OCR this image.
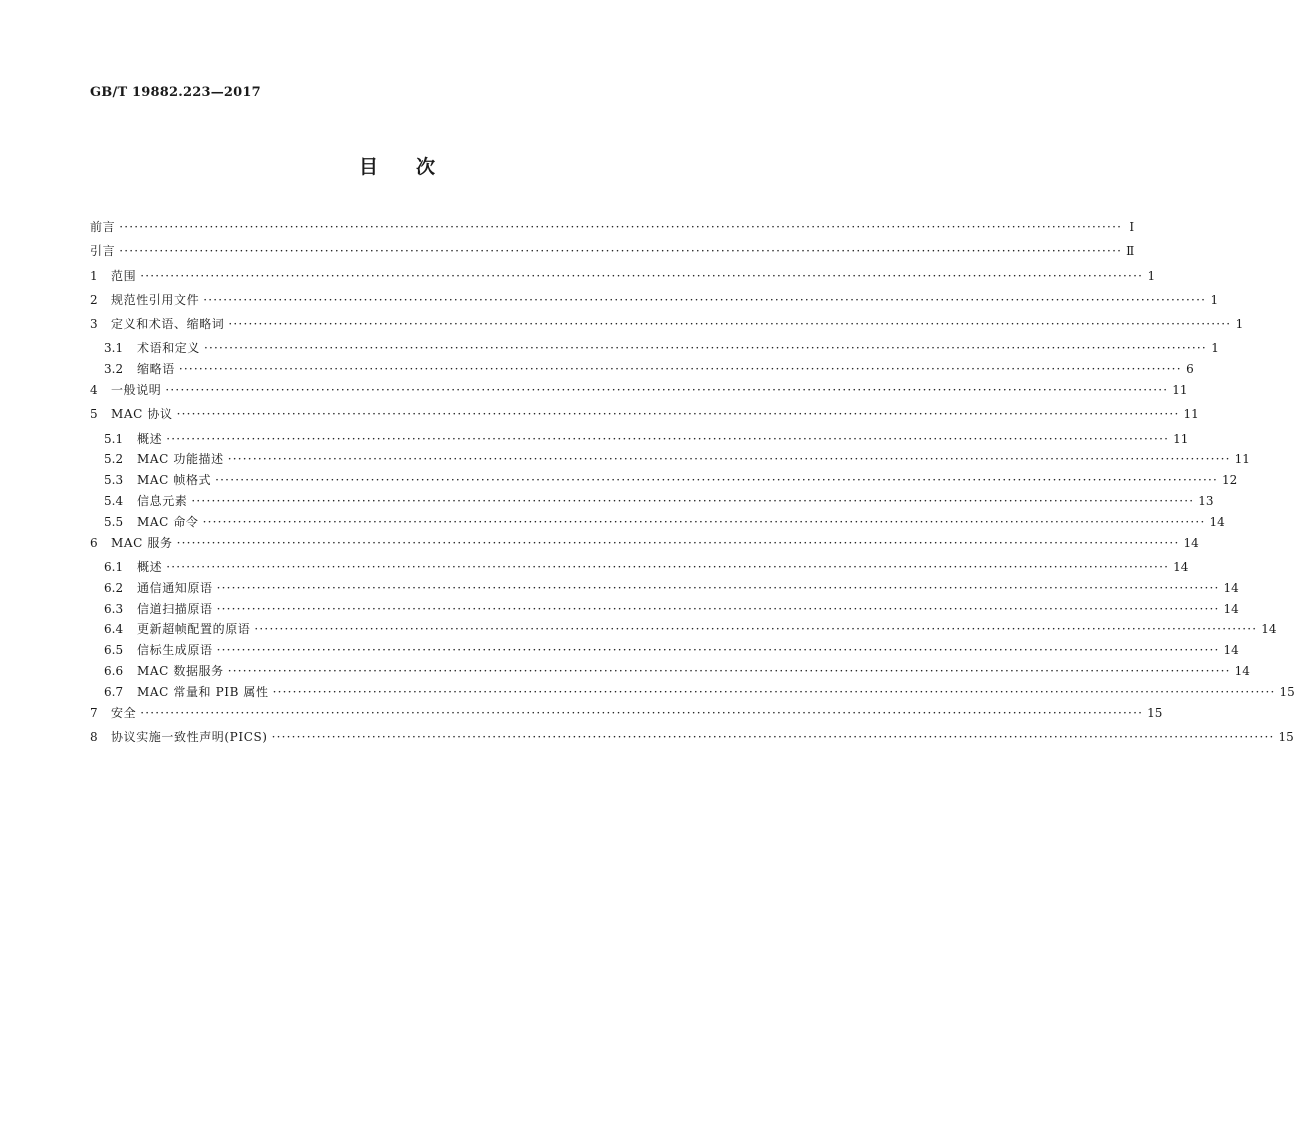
GB/T 19882.223—2017
目次
前言 ········································································································································································································ Ⅰ
引言 ········································································································································································································ Ⅱ
1	范围 ········································································································································································································ 1
2	规范性引用文件 ········································································································································································································ 1
3	定义和术语、缩略词 ········································································································································································································ 1
3.1	术语和定义 ········································································································································································································ 1
3.2	缩略语 ········································································································································································································ 6
4	一般说明 ········································································································································································································ 11
5	MAC 协议 ········································································································································································································ 11
5.1	概述 ········································································································································································································ 11
5.2	MAC 功能描述 ········································································································································································································ 11
5.3	MAC 帧格式 ········································································································································································································ 12
5.4	信息元素 ········································································································································································································ 13
5.5	MAC 命令 ········································································································································································································ 14
6	MAC 服务 ········································································································································································································ 14
6.1	概述 ········································································································································································································ 14
6.2	通信通知原语 ········································································································································································································ 14
6.3	信道扫描原语 ········································································································································································································ 14
6.4	更新超帧配置的原语 ········································································································································································································ 14
6.5	信标生成原语 ········································································································································································································ 14
6.6	MAC 数据服务 ········································································································································································································ 14
6.7	MAC 常量和 PIB 属性 ········································································································································································································ 15
7	安全 ········································································································································································································ 15
8	协议实施一致性声明(PICS) ········································································································································································································ 15
